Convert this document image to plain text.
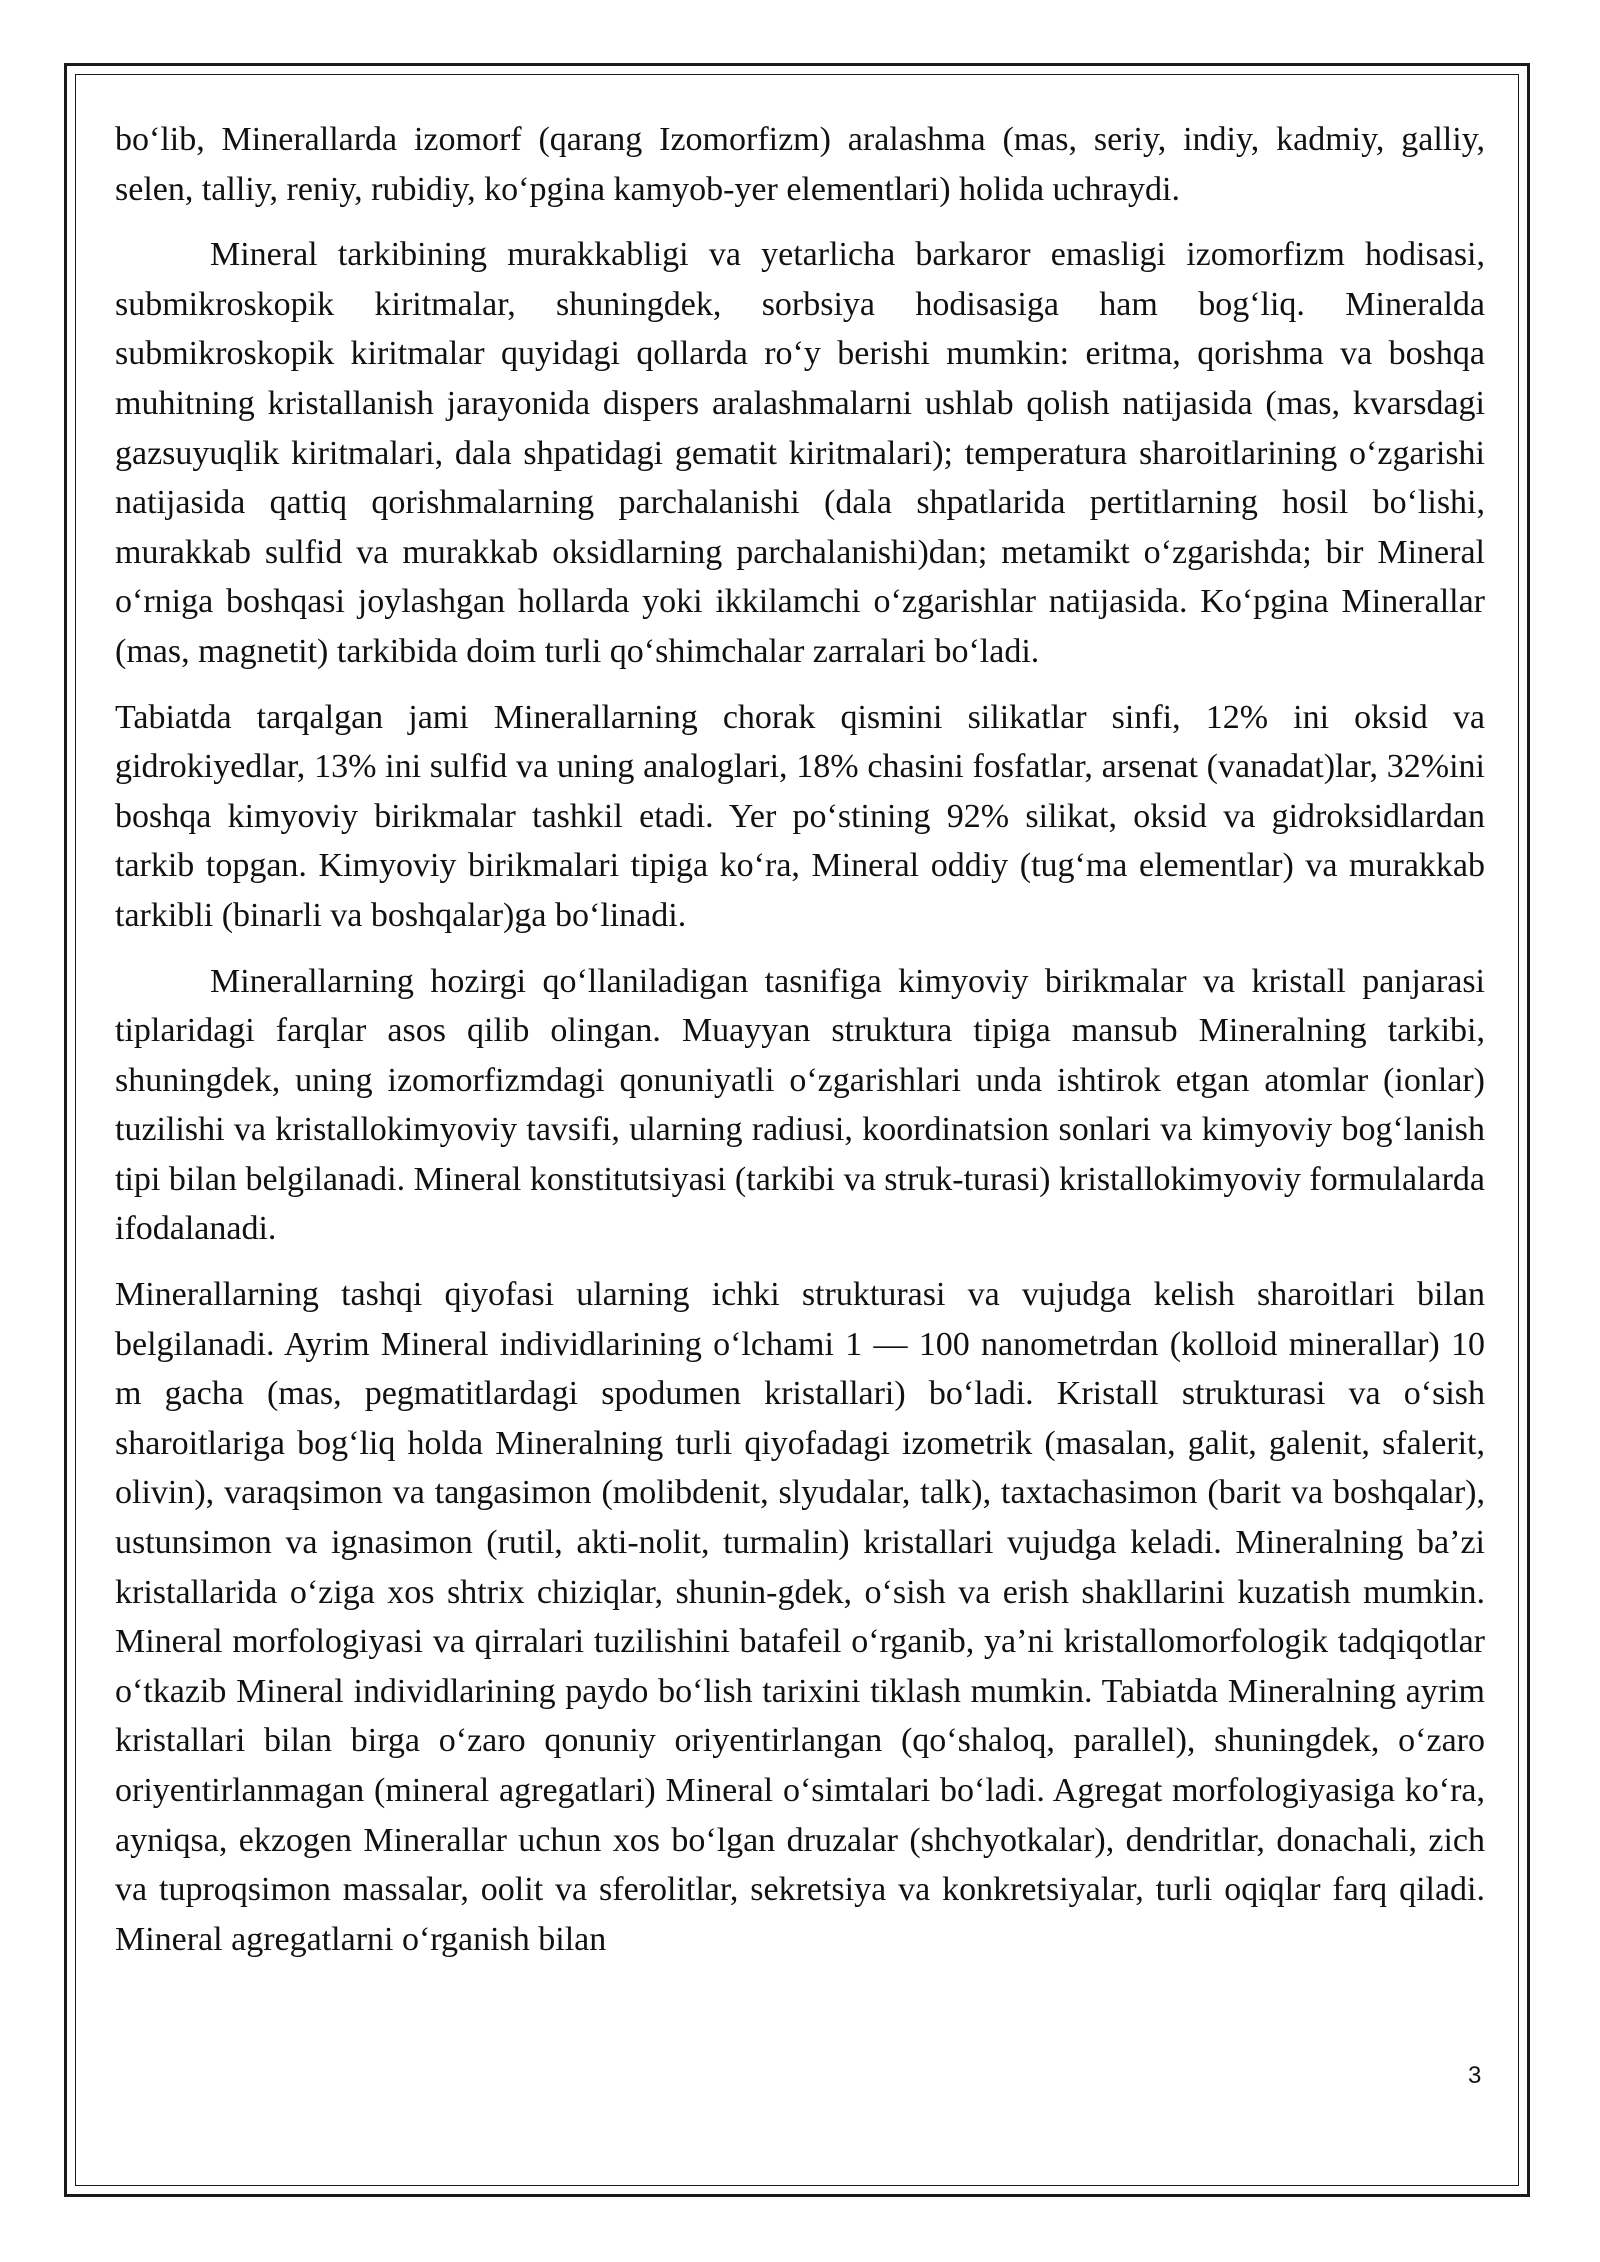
bo‘lib, Minerallarda izomorf (qarang Izomorfizm) aralashma (mas, seriy, indiy, kadmiy, galliy, selen, talliy, reniy, rubidiy, ko‘pgina kamyob-yer elementlari) holida uchraydi.

Mineral tarkibining murakkabligi va yetarlicha barkaror emasligi izomorfizm hodisasi, submikroskopik kiritmalar, shuningdek, sorbsiya hodisasiga ham bog‘liq. Mineralda submikroskopik kiritmalar quyidagi qollarda ro‘y berishi mumkin: eritma, qorishma va boshqa muhitning kristallanish jarayonida dispers aralashmalarni ushlab qolish natijasida (mas, kvarsdagi gazsuyuqlik kiritmalari, dala shpatidagi gematit kiritmalari); temperatura sharoitlarining o‘zgarishi natijasida qattiq qorishmalarning parchalanishi (dala shpatlarida pertitlarning hosil bo‘lishi, murakkab sulfid va murakkab oksidlarning parchalanishi)dan; metamikt o‘zgarishda; bir Mineral o‘rniga boshqasi joylashgan hollarda yoki ikkilamchi o‘zgarishlar natijasida. Ko‘pgina Minerallar (mas, magnetit) tarkibida doim turli qo‘shimchalar zarralari bo‘ladi.

Tabiatda tarqalgan jami Minerallarning chorak qismini silikatlar sinfi, 12% ini oksid va gidrokiyedlar, 13% ini sulfid va uning analoglari, 18% chasini fosfatlar, arsenat (vanadat)lar, 32%ini boshqa kimyoviy birikmalar tashkil etadi. Yer po‘stining 92% silikat, oksid va gidroksidlardan tarkib topgan. Kimyoviy birikmalari tipiga ko‘ra, Mineral oddiy (tug‘ma elementlar) va murakkab tarkibli (binarli va boshqalar)ga bo‘linadi.

Minerallarning hozirgi qo‘llaniladigan tasnifiga kimyoviy birikmalar va kristall panjarasi tiplaridagi farqlar asos qilib olingan. Muayyan struktura tipiga mansub Mineralning tarkibi, shuningdek, uning izomorfizmdagi qonuniyatli o‘zgarishlari unda ishtirok etgan atomlar (ionlar) tuzilishi va kristallokimyoviy tavsifi, ularning radiusi, koordinatsion sonlari va kimyoviy bog‘lanish tipi bilan belgilanadi. Mineral konstitutsiyasi (tarkibi va struk-turasi) kristallokimyoviy formulalarda ifodalanadi.

Minerallarning tashqi qiyofasi ularning ichki strukturasi va vujudga kelish sharoitlari bilan belgilanadi. Ayrim Mineral individlarining o‘lchami 1 — 100 nanometrdan (kolloid minerallar) 10 m gacha (mas, pegmatitlardagi spodumen kristallari) bo‘ladi. Kristall strukturasi va o‘sish sharoitlariga bog‘liq holda Mineralning turli qiyofadagi izometrik (masalan, galit, galenit, sfalerit, olivin), varaqsimon va tangasimon (molibdenit, slyudalar, talk), taxtachasimon (barit va boshqalar), ustunsimon va ignasimon (rutil, akti-nolit, turmalin) kristallari vujudga keladi. Mineralning ba’zi kristallarida o‘ziga xos shtrix chiziqlar, shunin-gdek, o‘sish va erish shakllarini kuzatish mumkin. Mineral morfologiyasi va qirralari tuzilishini batafeil o‘rganib, ya’ni kristallomorfologik tadqiqotlar o‘tkazib Mineral individlarining paydo bo‘lish tarixini tiklash mumkin. Tabiatda Mineralning ayrim kristallari bilan birga o‘zaro qonuniy oriyentirlangan (qo‘shaloq, parallel), shuningdek, o‘zaro oriyentirlanmagan (mineral agregatlari) Mineral o‘simtalari bo‘ladi. Agregat morfologiyasiga ko‘ra, ayniqsa, ekzogen Minerallar uchun xos bo‘lgan druzalar (shchyotkalar), dendritlar, donachali, zich va tuproqsimon massalar, oolit va sferolitlar, sekretsiya va konkretsiyalar, turli oqiqlar farq qiladi. Mineral agregatlarni o‘rganish bilan

3
